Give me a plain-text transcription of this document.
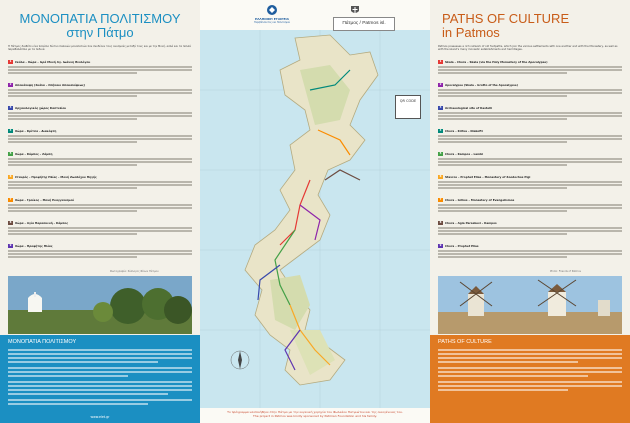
ΜΟΝΟΠΑΤΙΑ ΠΟΛΙΤΙΣΜΟΥ
στην Πάτμο
Η Πάτμος διαθέτει ένα πλούσιο δίκτυο παλαιών μονοπατιών που συνδέουν τους οικισμούς μεταξύ τους και με την Μονή, αλλά και τα πολλά παραθαλάσσια με τα πεδινά.
1 Σκάλα – Χώρα – Ιερά Μονή Αγ. Ιωάννη Θεολόγου
2 Αποκάλυψη (Σκάλα – Σπήλαιο Αποκαλύψεως)
3 Αρχαιολογικός χώρος Καστελίου
4 Χώρα – Κρίτσα – Διακόφτη
5 Χώρα – Κάμπος – Λάμπη
6 Σταυρός – Προφήτης Ηλίας – Μονή Ζωοδόχου Πηγής
7 Χώρα – Γροίκος – Μονή Ευαγγελισμού
8 Χώρα – Αγία Παρασκευή – Κάμπος
9 Χώρα – Προφήτης Ηλίας
Φωτογραφία: Σύλλογος Φίλων Πάτμου
ΜΟΝΟΠΑΤΙΑ ΠΟΛΙΤΙΣΜΟΥ
www.elet.gr
ΕΛΛΗΝΙΚΗ ΕΤΑΙΡΕΙΑ
Περιβάλλοντος και Πολιτισμού	Πάτμος / Patmos isl.
QR CODE
Το πρόγραμμα υλοποιήθηκε στην Πάτμο με την ευγενική χορηγία του Φωλεάου Πατμιώτου και της οικογένειας του.
The project in Patmos was kindly sponsored by Patmian Foundation and his family.
PATHS OF CULTURE
in Patmos
Patmos possesses a rich network of old footpaths, which join the various settlements with one another and with the Monastery, as well as with the island's many monastic establishments and hermitages.
1 Skala – Chora – Skala (via the Holy Monastery of the Apocalypse)
2 Apocalypse (Skala – Grotto of the Apocalypse)
3 Archaeological site of Kastelli
4 Chora – Kritsa – Diakofti
5 Chora – Kampos – Lambi
6 Stavros – Prophet Elias – Monastery of Zoodochos Pigi
7 Chora – Grikos – Monastery of Evangelismos
8 Chora – Agia Paraskevi – Kampos
9 Chora – Prophet Elias
Photo: Friends of Patmos
PATHS OF CULTURE
